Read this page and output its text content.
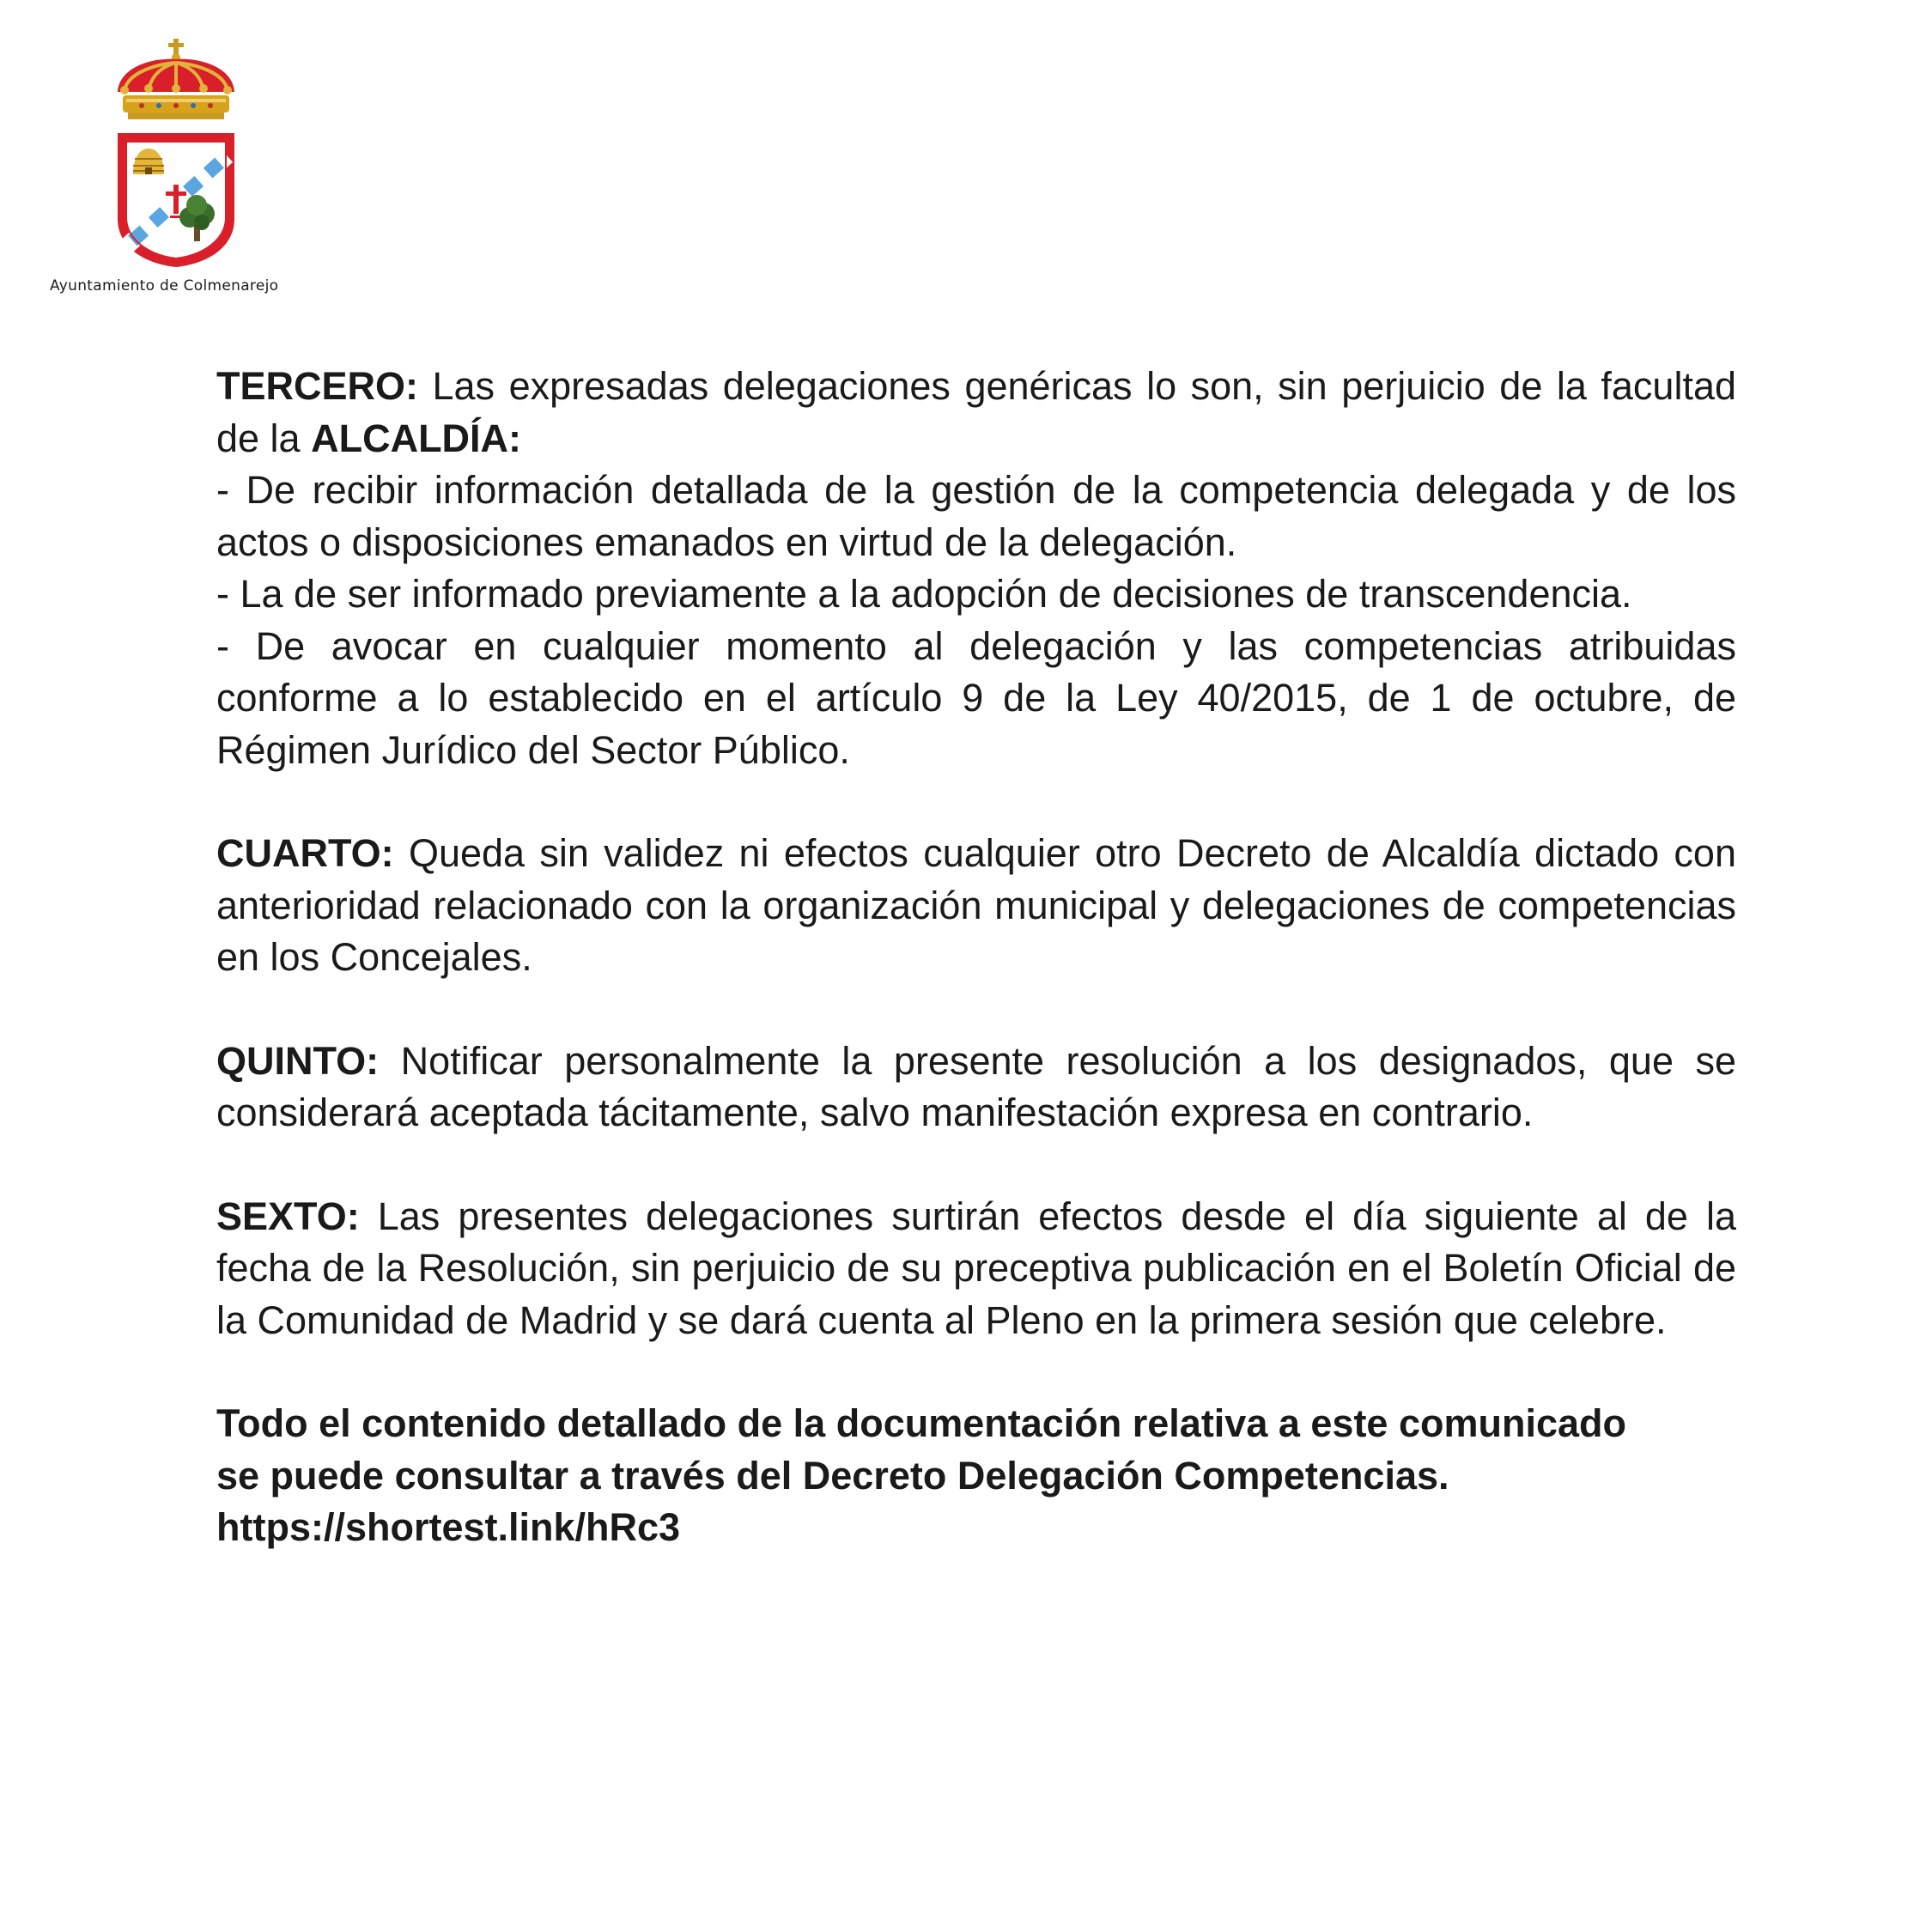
Ayuntamiento de Colmenarejo

TERCERO: Las expresadas delegaciones genéricas lo son, sin perjuicio de la facultad de la ALCALDÍA:
- De recibir información detallada de la gestión de la competencia delegada y de los actos o disposiciones emanados en virtud de la delegación.
- La de ser informado previamente a la adopción de decisiones de transcendencia.
- De avocar en cualquier momento al delegación y las competencias atribuidas conforme a lo establecido en el artículo 9 de la Ley 40/2015, de 1 de octubre, de Régimen Jurídico del Sector Público.

CUARTO: Queda sin validez ni efectos cualquier otro Decreto de Alcaldía dictado con anterioridad relacionado con la organización municipal y delegaciones de competencias en los Concejales.

QUINTO: Notificar personalmente la presente resolución a los designados, que se considerará aceptada tácitamente, salvo manifestación expresa en contrario.

SEXTO: Las presentes delegaciones surtirán efectos desde el día siguiente al de la fecha de la Resolución, sin perjuicio de su preceptiva publicación en el Boletín Oficial de la Comunidad de Madrid y se dará cuenta al Pleno en la primera sesión que celebre.

Todo el contenido detallado de la documentación relativa a este comunicado
se puede consultar a través del Decreto Delegación Competencias.
https://shortest.link/hRc3
